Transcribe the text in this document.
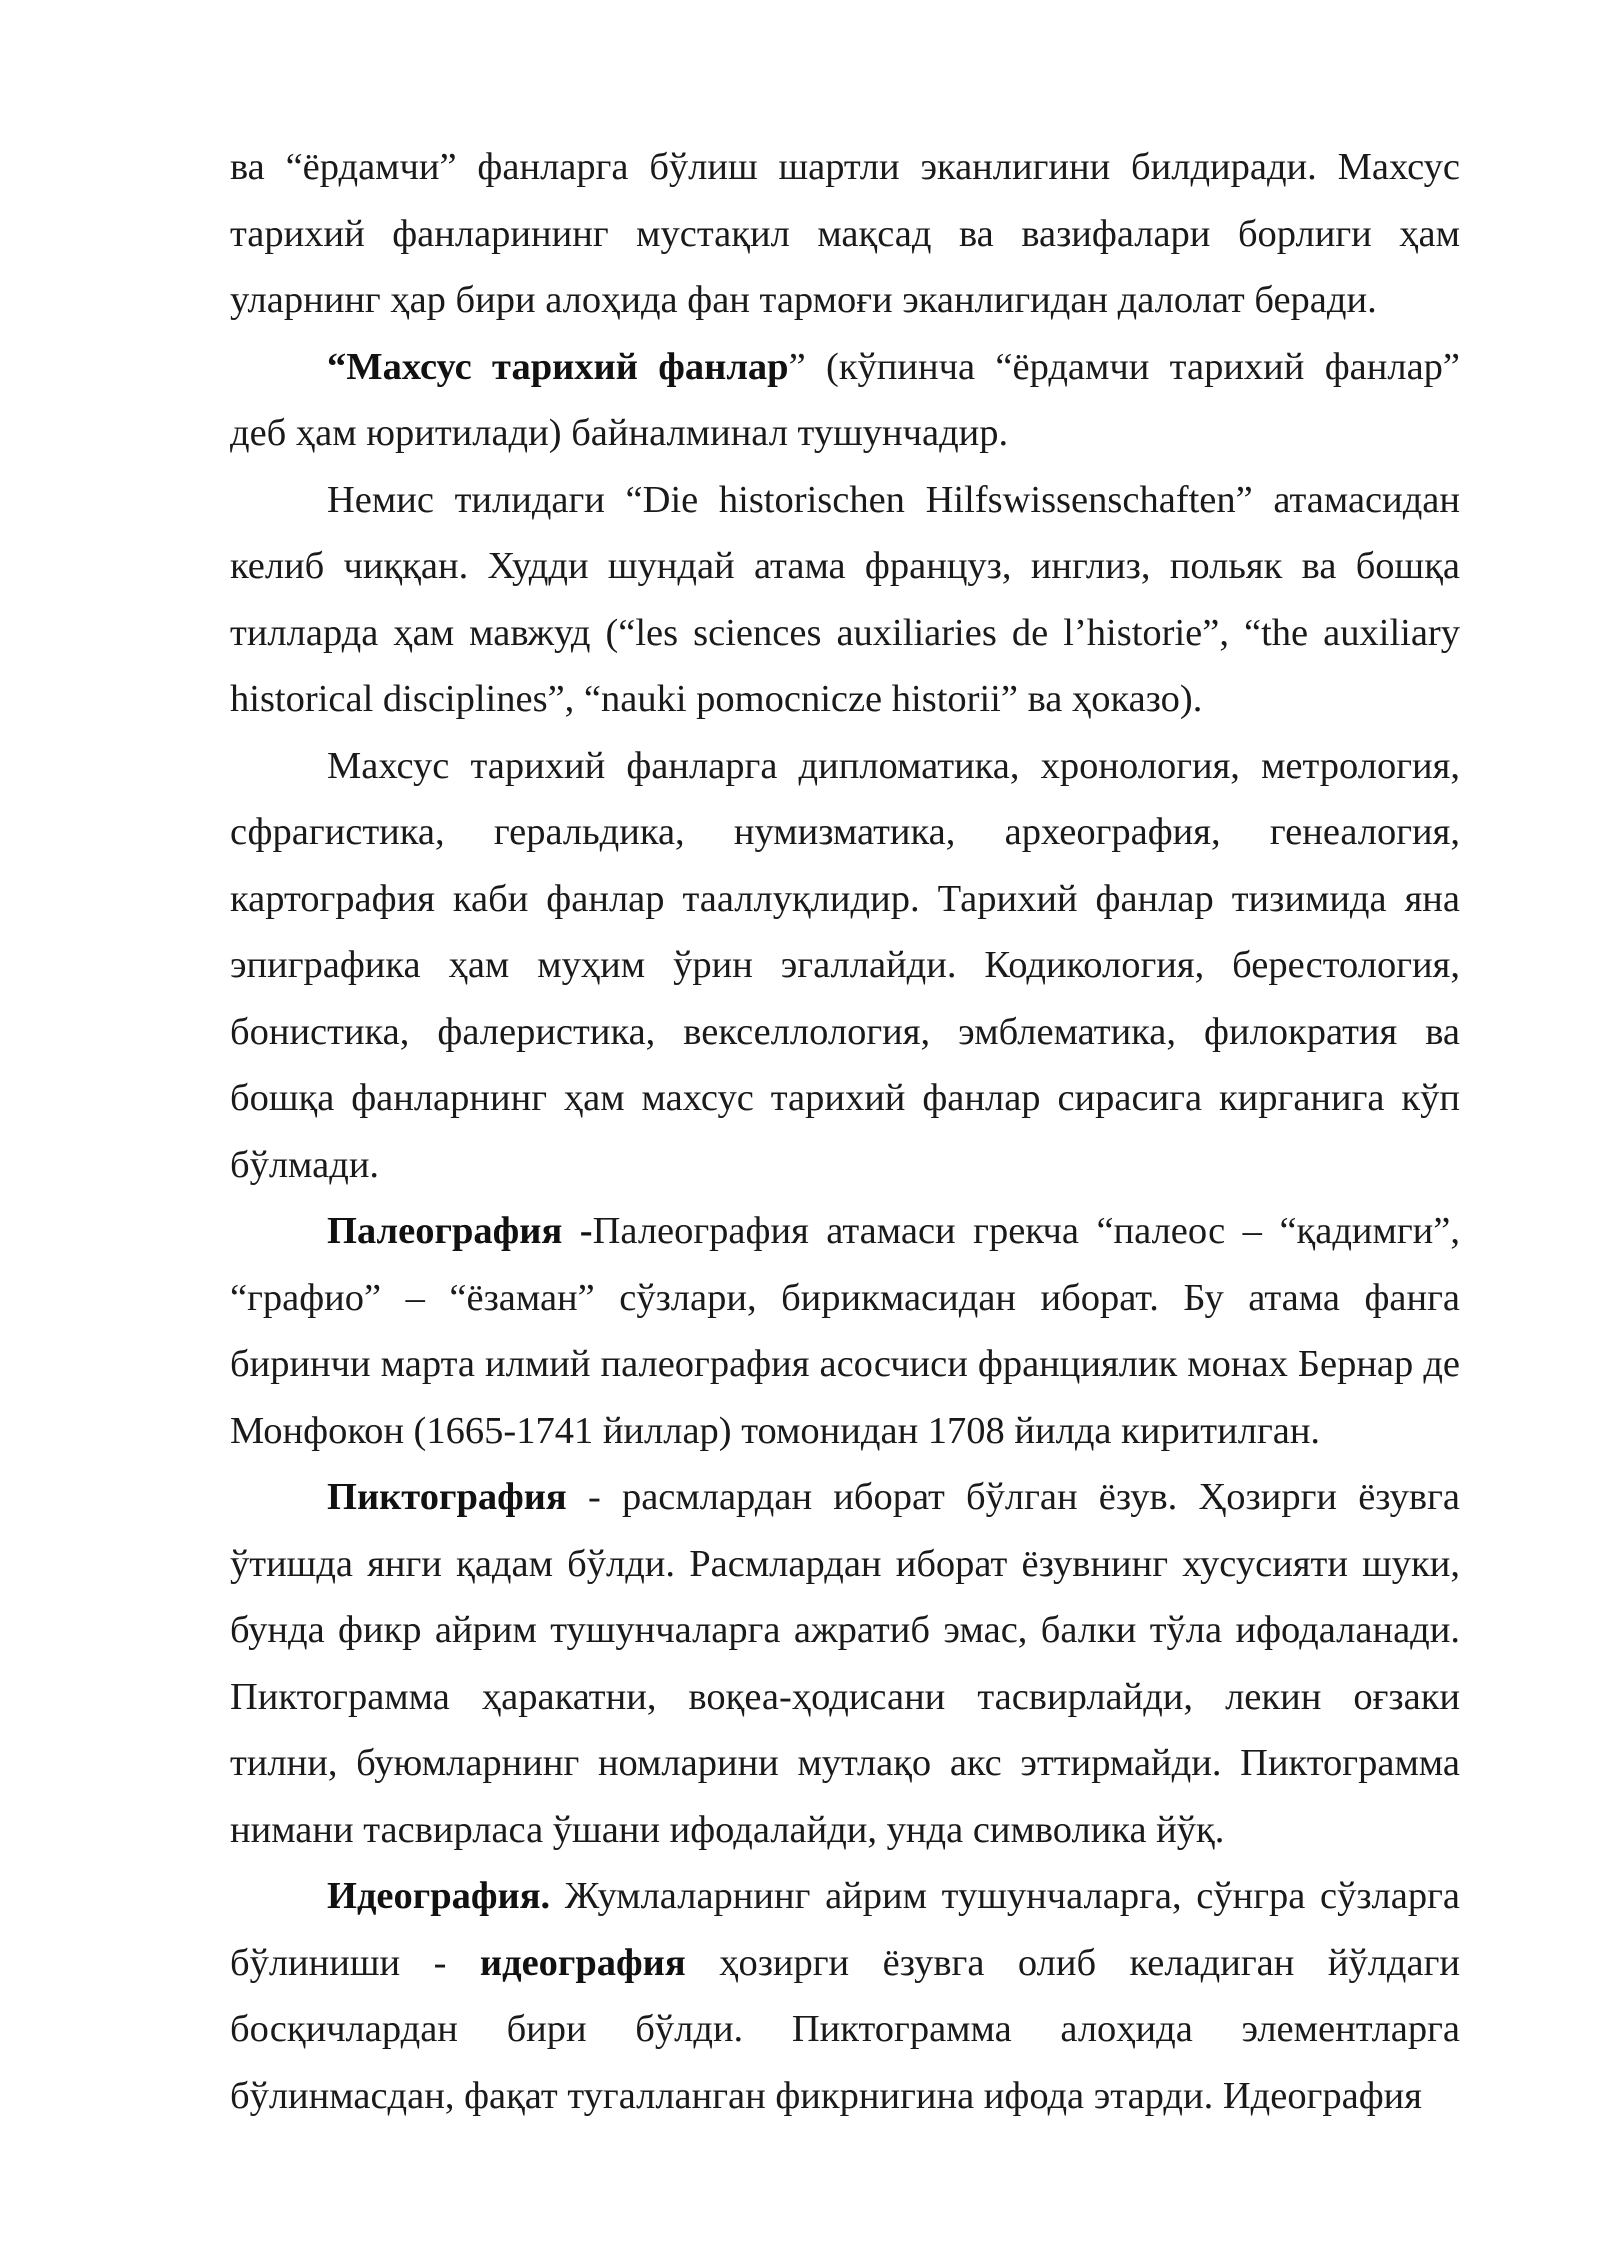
ва “ёрдамчи” фанларга бўлиш шартли эканлигини билдиради. Махсус тарихий фанларининг мустақил мақсад ва вазифалари борлиги ҳам уларнинг ҳар бири алоҳида фан тармоғи эканлигидан далолат беради.

“Махсус тарихий фанлар” (кўпинча “ёрдамчи тарихий фанлар” деб ҳам юритилади) байналминал тушунчадир.

Немис тилидаги “Die historischen Hilfswissenschaften” атамасидан келиб чиққан. Худди шундай атама француз, инглиз, польяк ва бошқа тилларда ҳам мавжуд (“les sciences auxiliaries de l’historie”, “the auxiliary historical disciplines”, “nauki pomocnicze historii” ва ҳоказо).

Махсус тарихий фанларга дипломатика, хронология, метрология, сфрагистика, геральдика, нумизматика, археография, генеалогия, картография каби фанлар тааллуқлидир. Тарихий фанлар тизимида яна эпиграфика ҳам муҳим ўрин эгаллайди. Кодикология, берестология, бонистика, фалеристика, векселлология, эмблематика, филократия ва бошқа фанларнинг ҳам махсус тарихий фанлар сирасига кирганига кўп бўлмади.

Палеография -Палеография атамаси грекча “палеос – “қадимги”, “графио” – “ёзаман” сўзлари, бирикмасидан иборат. Бу атама фанга биринчи марта илмий палеография асосчиси франциялик монах Бернар де Монфокон (1665-1741 йиллар) томонидан 1708 йилда киритилган.

Пиктография - расмлардан иборат бўлган ёзув. Ҳозирги ёзувга ўтишда янги қадам бўлди. Расмлардан иборат ёзувнинг хусусияти шуки, бунда фикр айрим тушунчаларга ажратиб эмас, балки тўла ифодаланади. Пиктограмма ҳаракатни, воқеа-ҳодисани тасвирлайди, лекин оғзаки тилни, буюмларнинг номларини мутлақо акс эттирмайди. Пиктограмма нимани тасвирласа ўшани ифодалайди, унда символика йўқ.

Идеография. Жумлаларнинг айрим тушунчаларга, сўнгра сўзларга бўлиниши - идеография ҳозирги ёзувга олиб келадиган йўлдаги босқичлардан бири бўлди. Пиктограмма алоҳида элементларга бўлинмасдан, фақат тугалланган фикрнигина ифода этарди. Идеография
